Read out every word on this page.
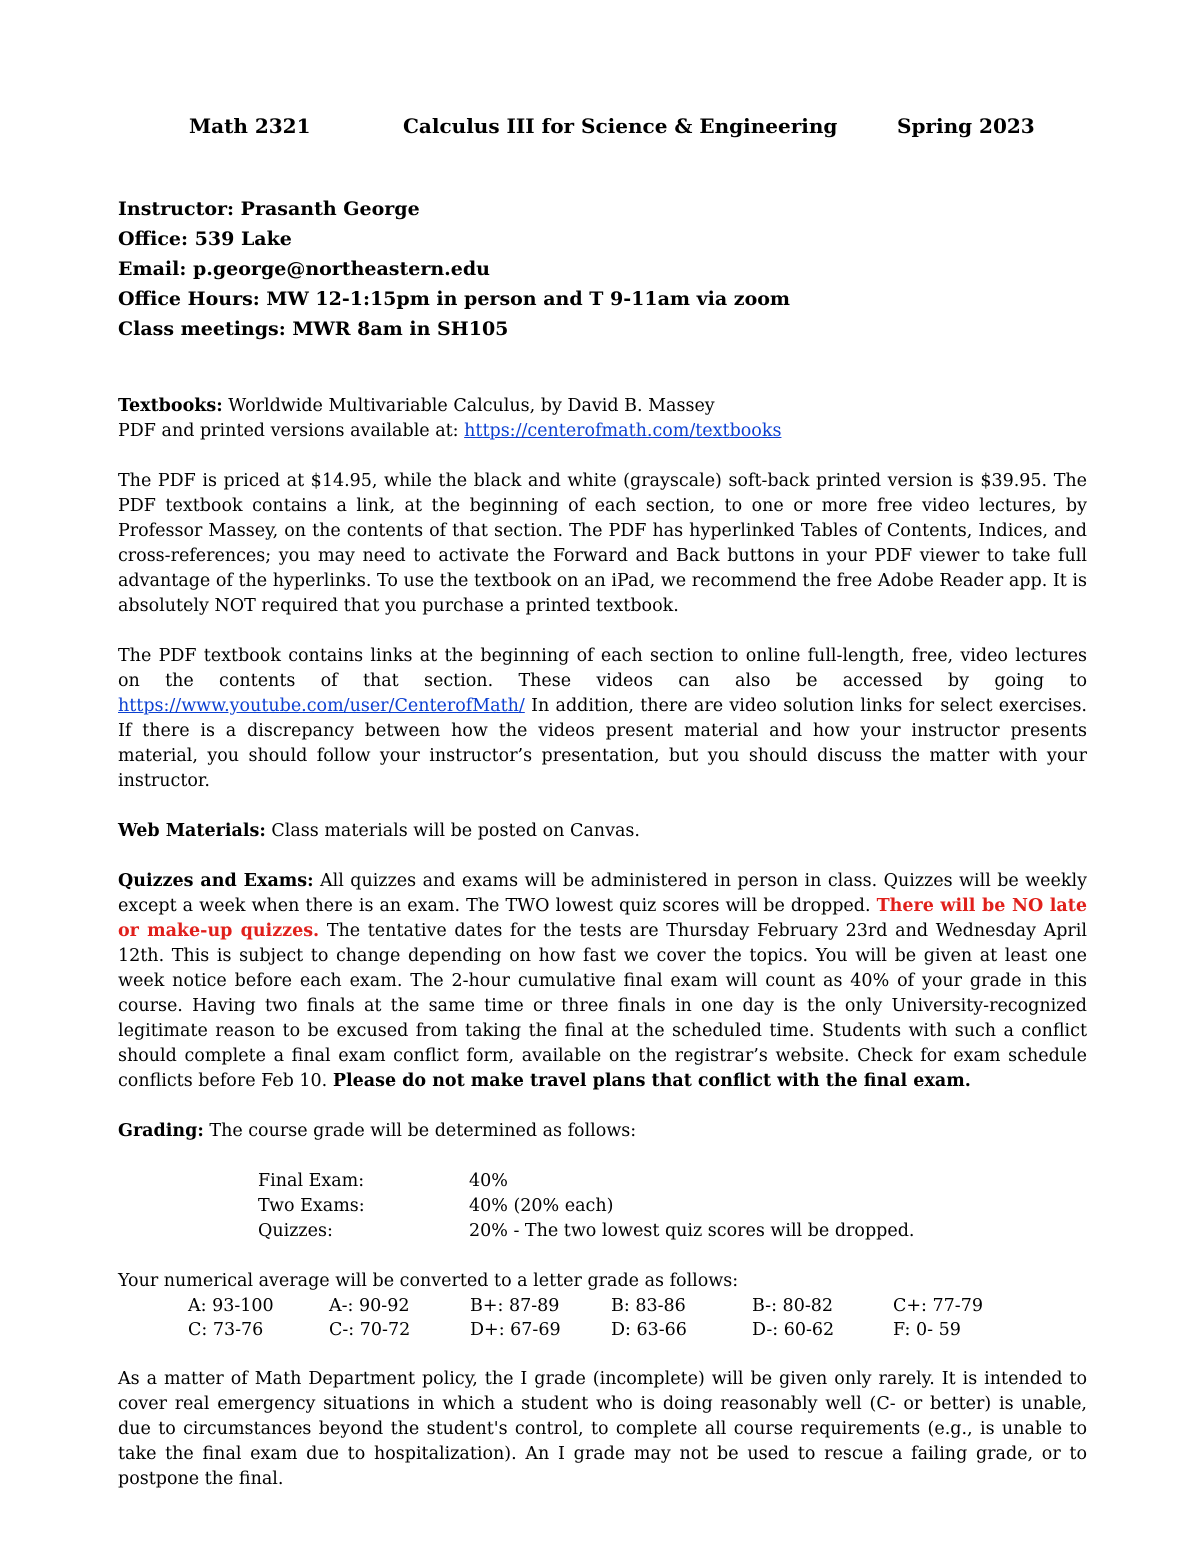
Math 2321	Calculus III for Science & Engineering	Spring 2023
Instructor: Prasanth George
Office: 539 Lake
Email: p.george@northeastern.edu
Office Hours: MW 12-1:15pm in person and T 9-11am via zoom
Class meetings: MWR 8am in SH105

Textbooks: Worldwide Multivariable Calculus, by David B. Massey
PDF and printed versions available at: https://centerofmath.com/textbooks

The PDF is priced at $14.95, while the black and white (grayscale) soft-back printed version is $39.95. The PDF textbook contains a link, at the beginning of each section, to one or more free video lectures, by Professor Massey, on the contents of that section. The PDF has hyperlinked Tables of Contents, Indices, and cross-references; you may need to activate the Forward and Back buttons in your PDF viewer to take full advantage of the hyperlinks. To use the textbook on an iPad, we recommend the free Adobe Reader app. It is absolutely NOT required that you purchase a printed textbook.

The PDF textbook contains links at the beginning of each section to online full-length, free, video lectures on the contents of that section. These videos can also be accessed by going to https://www.youtube.com/user/CenterofMath/ In addition, there are video solution links for select exercises. If there is a discrepancy between how the videos present material and how your instructor presents material, you should follow your instructor’s presentation, but you should discuss the matter with your instructor.

Web Materials: Class materials will be posted on Canvas.

Quizzes and Exams: All quizzes and exams will be administered in person in class. Quizzes will be weekly except a week when there is an exam. The TWO lowest quiz scores will be dropped. There will be NO late or make-up quizzes. The tentative dates for the tests are Thursday February 23rd and Wednesday April 12th. This is subject to change depending on how fast we cover the topics. You will be given at least one week notice before each exam. The 2-hour cumulative final exam will count as 40% of your grade in this course. Having two finals at the same time or three finals in one day is the only University-recognized legitimate reason to be excused from taking the final at the scheduled time. Students with such a conflict should complete a final exam conflict form, available on the registrar’s website. Check for exam schedule conflicts before Feb 10. Please do not make travel plans that conflict with the final exam.

Grading: The course grade will be determined as follows:

Final Exam:	40%
Two Exams:	40% (20% each)
Quizzes:	20% - The two lowest quiz scores will be dropped.

Your numerical average will be converted to a letter grade as follows:

A: 93-100	A-: 90-92	B+: 87-89	B: 83-86	B-: 80-82	C+: 77-79
C: 73-76	C-: 70-72	D+: 67-69	D: 63-66	D-: 60-62	F: 0- 59

As a matter of Math Department policy, the I grade (incomplete) will be given only rarely. It is intended to cover real emergency situations in which a student who is doing reasonably well (C- or better) is unable, due to circumstances beyond the student's control, to complete all course requirements (e.g., is unable to take the final exam due to hospitalization). An I grade may not be used to rescue a failing grade, or to postpone the final.
